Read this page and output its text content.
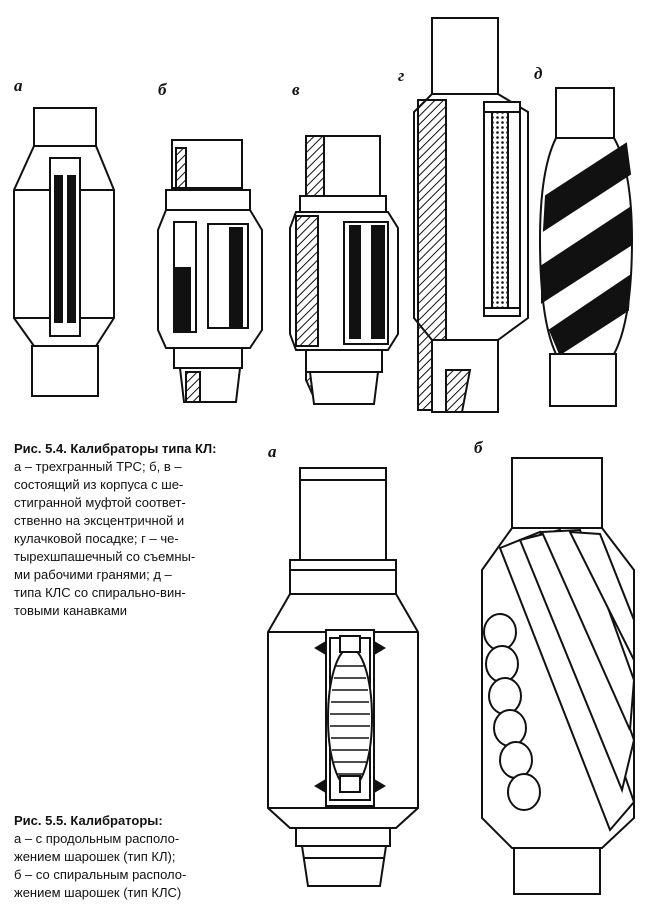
а	б	в
г	д
а	б
Рис. 5.4. Калибраторы типа КЛ:
а – трехгранный ТРС; б, в –
состоящий из корпуса с ше-
стигранной муфтой соответ-
ственно на эксцентричной и
кулачковой посадке; г – че-
тырехшпашечный со съемны-
ми рабочими гранями; д –
типа КЛС со спирально-вин-
товыми канавками
Рис. 5.5. Калибраторы:
а – с продольным располо-
жением шарошек (тип КЛ);
б – со спиральным располо-
жением шарошек (тип КЛС)
